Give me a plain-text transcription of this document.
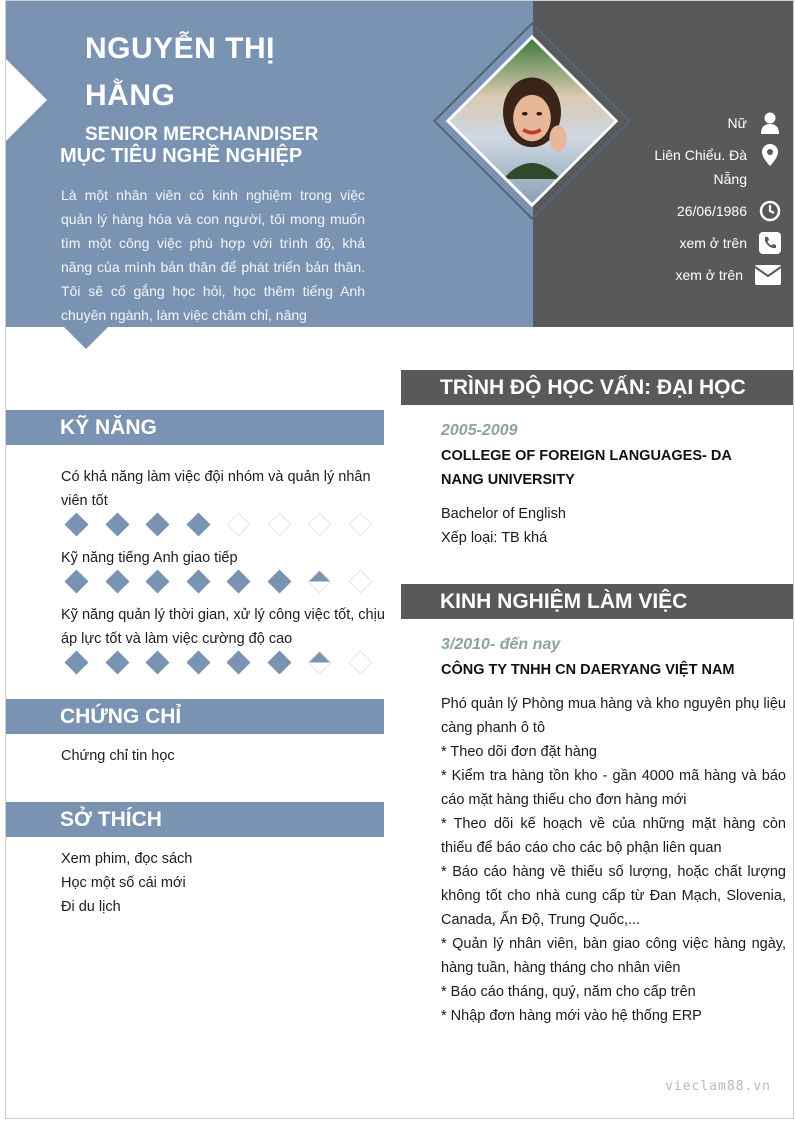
NGUYỄN THỊ HẰNG
SENIOR MERCHANDISER
MỤC TIÊU NGHỀ NGHIỆP
Là một nhân viên có kinh nghiệm trong việc quản lý hàng hóa và con người, tôi mong muốn tìm một công việc phù hợp với trình độ, khả năng của mình bản thân để phát triển bản thân. Tôi sẽ cố gắng học hỏi, học thêm tiếng Anh chuyên ngành, làm việc chăm chỉ, nâng
Nữ
Liên Chiểu. Đà Nẵng
26/06/1986
xem ở trên
xem ở trên
KỸ NĂNG
Có khả năng làm việc đội nhóm và quản lý nhân viên tốt
Kỹ năng tiếng Anh giao tiếp
Kỹ năng quản lý thời gian, xử lý công việc tốt, chịu áp lực tốt và làm việc cường độ cao
CHỨNG CHỈ
Chứng chỉ tin học
SỞ THÍCH
Xem phim, đọc sách
Học một số cái mới
Đi du lịch
TRÌNH ĐỘ HỌC VẤN: ĐẠI HỌC
2005-2009
COLLEGE OF FOREIGN LANGUAGES- DA NANG UNIVERSITY
Bachelor of English
Xếp loại: TB khá
KINH NGHIỆM LÀM VIỆC
3/2010- đến nay
CÔNG TY TNHH CN DAERYANG VIỆT NAM
Phó quản lý Phòng mua hàng và kho nguyên phụ liệu càng phanh ô tô
* Theo dõi đơn đặt hàng
* Kiểm tra hàng tồn kho - gần 4000 mã hàng và báo cáo mặt hàng thiếu cho đơn hàng mới
* Theo dõi kế hoạch về của những mặt hàng còn thiếu để báo cáo cho các bộ phận liên quan
* Báo cáo hàng về thiếu số lượng, hoặc chất lượng không tốt cho nhà cung cấp từ Đan Mạch, Slovenia, Canada, Ấn Độ, Trung Quốc,...
* Quản lý nhân viên, bàn giao công việc hàng ngày, hàng tuần, hàng tháng cho nhân viên
* Báo cáo tháng, quý, năm cho cấp trên
* Nhập đơn hàng mới vào hệ thống ERP
vieclam88.vn
